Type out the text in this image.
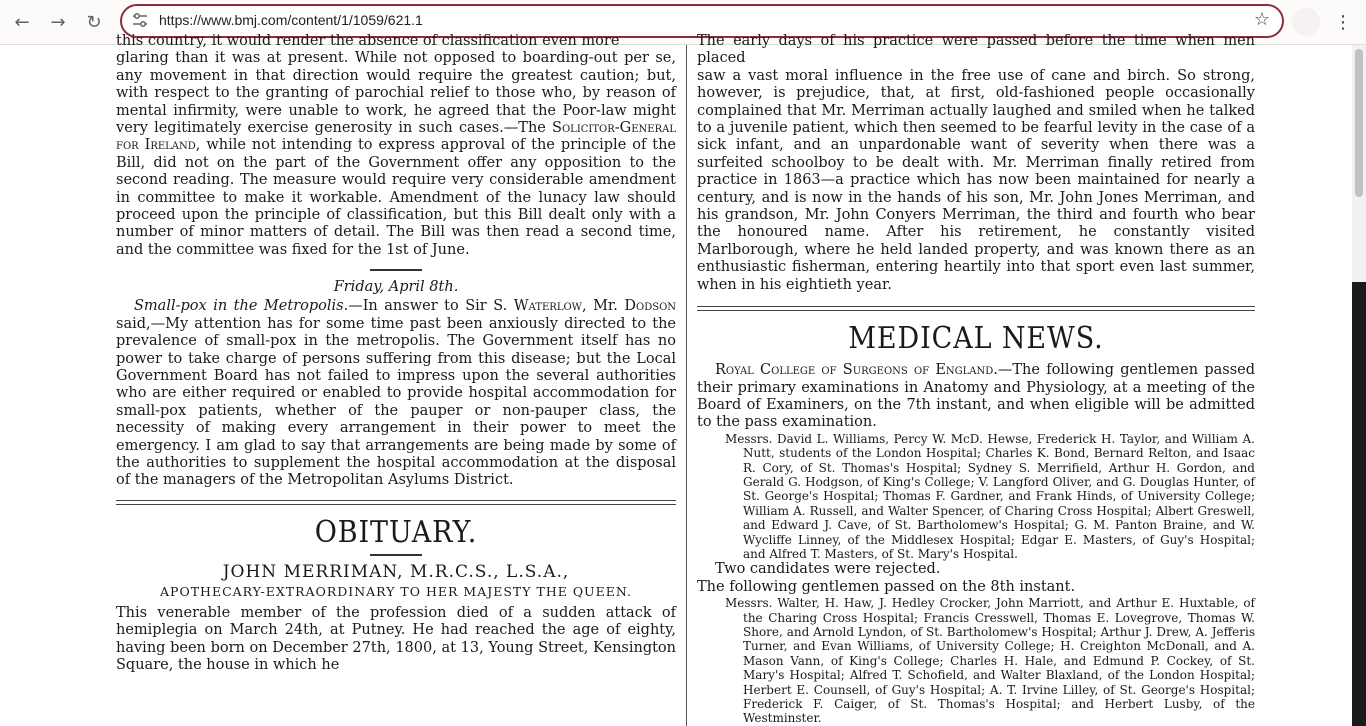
←	→	↻	https://www.bmj.com/content/1/1059/621.1	☆	⋮

this country, it would render the absence of classification even more

glaring than it was at present. While not opposed to boarding-out per se, any movement in that direction would require the greatest caution; but, with respect to the granting of parochial relief to those who, by reason of mental infirmity, were unable to work, he agreed that the Poor-law might very legitimately exercise generosity in such cases.—The Solicitor-General for Ireland, while not intending to express approval of the principle of the Bill, did not on the part of the Government offer any opposition to the second reading. The measure would require very considerable amendment in committee to make it workable. Amendment of the lunacy law should proceed upon the principle of classification, but this Bill dealt only with a number of minor matters of detail. The Bill was then read a second time, and the committee was fixed for the 1st of June.

Friday, April 8th.

Small-pox in the Metropolis.—In answer to Sir S. Waterlow, Mr. Dodson said,—My attention has for some time past been anxiously directed to the prevalence of small-pox in the metropolis. The Government itself has no power to take charge of persons suffering from this disease; but the Local Government Board has not failed to impress upon the several authorities who are either required or enabled to provide hospital accommodation for small-pox patients, whether of the pauper or non-pauper class, the necessity of making every arrangement in their power to meet the emergency. I am glad to say that arrangements are being made by some of the authorities to supplement the hospital accommodation at the disposal of the managers of the Metropolitan Asylums District.

OBITUARY.
JOHN MERRIMAN, M.R.C.S., L.S.A.,
APOTHECARY-EXTRAORDINARY TO HER MAJESTY THE QUEEN.

This venerable member of the profession died of a sudden attack of hemiplegia on March 24th, at Putney. He had reached the age of eighty, having been born on December 27th, 1800, at 13, Young Street, Kensington Square, the house in which he

The early days of his practice were passed before the time when men placed

saw a vast moral influence in the free use of cane and birch. So strong, however, is prejudice, that, at first, old-fashioned people occasionally complained that Mr. Merriman actually laughed and smiled when he talked to a juvenile patient, which then seemed to be fearful levity in the case of a sick infant, and an unpardonable want of severity when there was a surfeited schoolboy to be dealt with. Mr. Merriman finally retired from practice in 1863—a practice which has now been maintained for nearly a century, and is now in the hands of his son, Mr. John Jones Merriman, and his grandson, Mr. John Conyers Merriman, the third and fourth who bear the honoured name. After his retirement, he constantly visited Marlborough, where he held landed property, and was known there as an enthusiastic fisherman, entering heartily into that sport even last summer, when in his eightieth year.

MEDICAL NEWS.

Royal College of Surgeons of England.—The following gentlemen passed their primary examinations in Anatomy and Physiology, at a meeting of the Board of Examiners, on the 7th instant, and when eligible will be admitted to the pass examination.

Messrs. David L. Williams, Percy W. McD. Hewse, Frederick H. Taylor, and William A. Nutt, students of the London Hospital; Charles K. Bond, Bernard Relton, and Isaac R. Cory, of St. Thomas's Hospital; Sydney S. Merrifield, Arthur H. Gordon, and Gerald G. Hodgson, of King's College; V. Langford Oliver, and G. Douglas Hunter, of St. George's Hospital; Thomas F. Gardner, and Frank Hinds, of University College; William A. Russell, and Walter Spencer, of Charing Cross Hospital; Albert Greswell, and Edward J. Cave, of St. Bartholomew's Hospital; G. M. Panton Braine, and W. Wycliffe Linney, of the Middlesex Hospital; Edgar E. Masters, of Guy's Hospital; and Alfred T. Masters, of St. Mary's Hospital.

Two candidates were rejected.

The following gentlemen passed on the 8th instant.

Messrs. Walter, H. Haw, J. Hedley Crocker, John Marriott, and Arthur E. Huxtable, of the Charing Cross Hospital; Francis Cresswell, Thomas E. Lovegrove, Thomas W. Shore, and Arnold Lyndon, of St. Bartholomew's Hospital; Arthur J. Drew, A. Jefferis Turner, and Evan Williams, of University College; H. Creighton McDonall, and A. Mason Vann, of King's College; Charles H. Hale, and Edmund P. Cockey, of St. Mary's Hospital; Alfred T. Schofield, and Walter Blaxland, of the London Hospital; Herbert E. Counsell, of Guy's Hospital; A. T. Irvine Lilley, of St. George's Hospital; Frederick F. Caiger, of St. Thomas's Hospital; and Herbert Lusby, of the Westminster.
